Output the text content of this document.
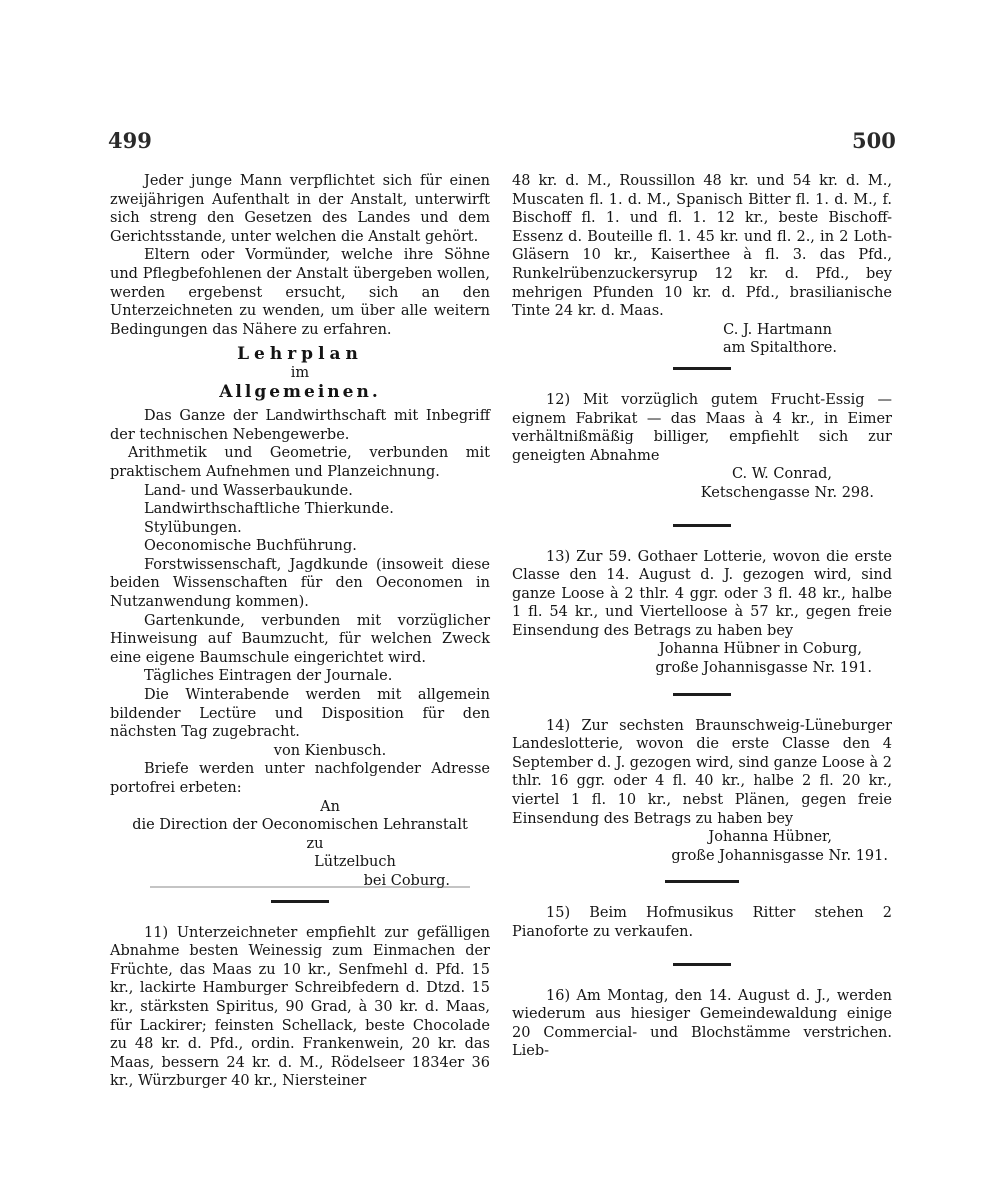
499	500

Jeder junge Mann verpflichtet sich für einen zweijährigen Aufenthalt in der Anstalt, unterwirft sich streng den Gesetzen des Landes und dem Gerichtsstande, unter welchen die Anstalt gehört.

Eltern oder Vormünder, welche ihre Söhne und Pflegbefohlenen der Anstalt übergeben wollen, werden ergebenst ersucht, sich an den Unterzeichneten zu wenden, um über alle weitern Bedingungen das Nähere zu erfahren.

Lehrplan

im

Allgemeinen.

Das Ganze der Landwirthschaft mit Inbegriff der technischen Nebengewerbe.

Arithmetik und Geometrie, verbunden mit praktischem Aufnehmen und Planzeichnung.

Land- und Wasserbaukunde.

Landwirthschaftliche Thierkunde.

Stylübungen.

Oeconomische Buchführung.

Forstwissenschaft, Jagdkunde (insoweit diese beiden Wissenschaften für den Oeconomen in Nutzanwendung kommen).

Gartenkunde, verbunden mit vorzüglicher Hinweisung auf Baumzucht, für welchen Zweck eine eigene Baumschule eingerichtet wird.

Tägliches Eintragen der Journale.

Die Winterabende werden mit allgemein bildender Lectüre und Disposition für den nächsten Tag zugebracht.

von Kienbusch.

Briefe werden unter nachfolgender Adresse portofrei erbeten:

An

die Direction der Oeconomischen Lehranstalt

zu

Lützelbuch

bei Coburg.

11) Unterzeichneter empfiehlt zur gefälligen Abnahme besten Weinessig zum Einmachen der Früchte, das Maas zu 10 kr., Senfmehl d. Pfd. 15 kr., lackirte Hamburger Schreibfedern d. Dtzd. 15 kr., stärksten Spiritus, 90 Grad, à 30 kr. d. Maas, für Lackirer; feinsten Schellack, beste Chocolade zu 48 kr. d. Pfd., ordin. Frankenwein, 20 kr. das Maas, bessern 24 kr. d. M., Rödelseer 1834er 36 kr., Würzburger 40 kr., Niersteiner

48 kr. d. M., Roussillon 48 kr. und 54 kr. d. M., Muscaten fl. 1. d. M., Spanisch Bitter fl. 1. d. M., f. Bischoff fl. 1. und fl. 1. 12 kr., beste Bischoff-Essenz d. Bouteille fl. 1. 45 kr. und fl. 2., in 2 Loth-Gläsern 10 kr., Kaiserthee à fl. 3. das Pfd., Runkelrübenzuckersyrup 12 kr. d. Pfd., bey mehrigen Pfunden 10 kr. d. Pfd., brasilianische Tinte 24 kr. d. Maas.

C. J. Hartmann

am Spitalthore.

12) Mit vorzüglich gutem Frucht-Essig — eignem Fabrikat — das Maas à 4 kr., in Eimer verhältnißmäßig billiger, empfiehlt sich zur geneigten Abnahme

C. W. Conrad,

Ketschengasse Nr. 298.

13) Zur 59. Gothaer Lotterie, wovon die erste Classe den 14. August d. J. gezogen wird, sind ganze Loose à 2 thlr. 4 ggr. oder 3 fl. 48 kr., halbe 1 fl. 54 kr., und Viertelloose à 57 kr., gegen freie Einsendung des Betrags zu haben bey

Johanna Hübner in Coburg,

große Johannisgasse Nr. 191.

14) Zur sechsten Braunschweig-Lüneburger Landeslotterie, wovon die erste Classe den 4 September d. J. gezogen wird, sind ganze Loose à 2 thlr. 16 ggr. oder 4 fl. 40 kr., halbe 2 fl. 20 kr., viertel 1 fl. 10 kr., nebst Plänen, gegen freie Einsendung des Betrags zu haben bey

Johanna Hübner,

große Johannisgasse Nr. 191.

15) Beim Hofmusikus Ritter stehen 2 Pianoforte zu verkaufen.

16) Am Montag, den 14. August d. J., werden wiederum aus hiesiger Gemeindewaldung einige 20 Commercial- und Blochstämme verstrichen. Lieb-
